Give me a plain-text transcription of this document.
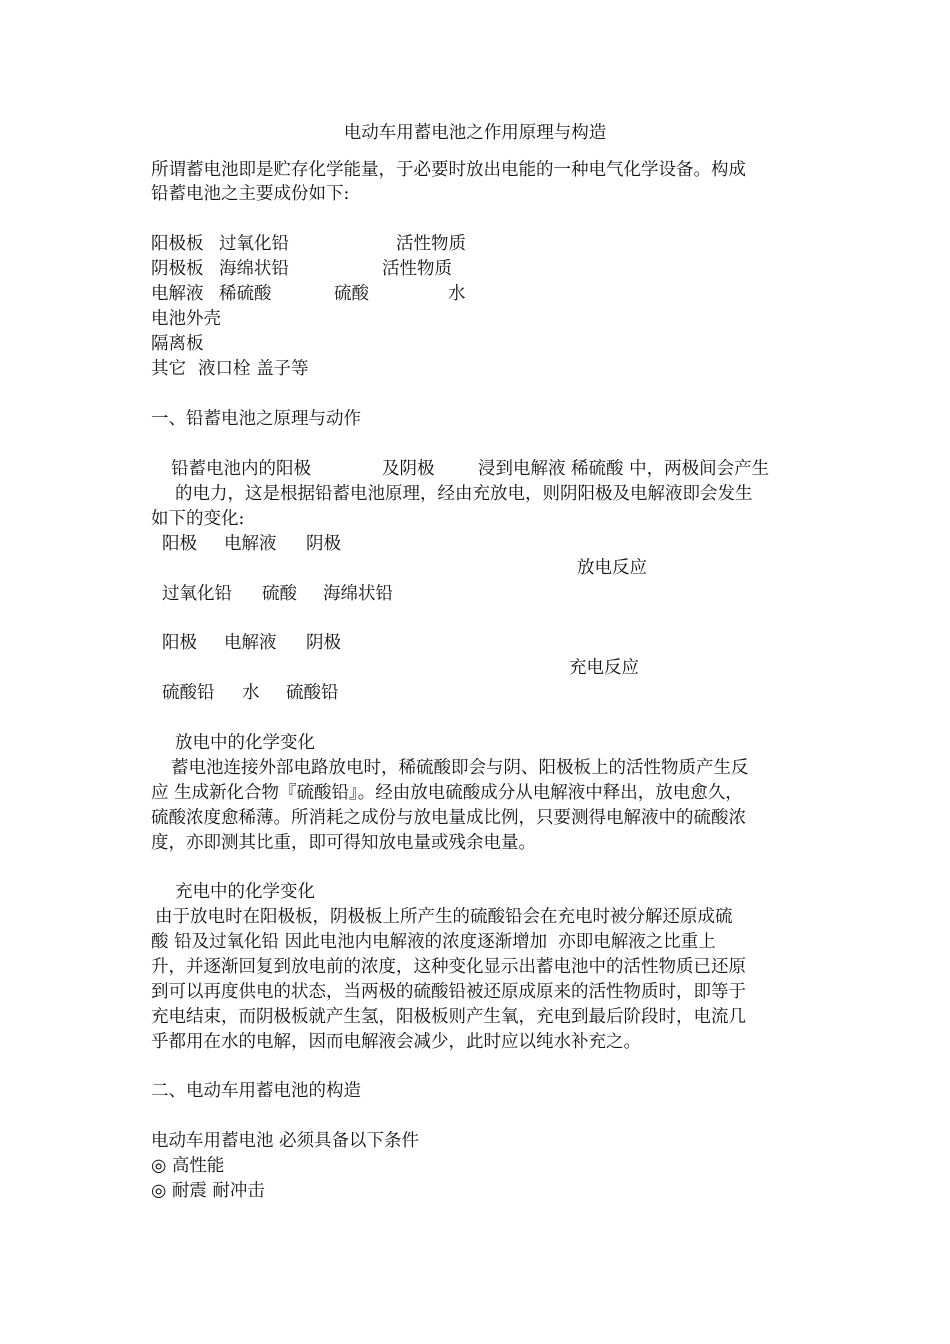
电动车用蓄电池之作用原理与构造
所谓蓄电池即是贮存化学能量，于必要时放出电能的一种电气化学设备。构成
铅蓄电池之主要成份如下:
阳极板 过氧化铅	活性物质
阴极板 海绵状铅	活性物质
电解液 稀硫酸	硫酸	水
电池外壳
隔离板
其它 液口栓 盖子等
一、铅蓄电池之原理与动作
铅蓄电池内的阳极	及阴极 浸到电解液 稀硫酸 中，两极间会产生
的电力，这是根据铅蓄电池原理，经由充放电，则阴阳极及电解液即会发生
如下的变化:
阳极 电解液 阴极
放电反应
过氧化铅 硫酸 海绵状铅
阳极 电解液 阴极
充电反应
硫酸铅 水 硫酸铅
放电中的化学变化
蓄电池连接外部电路放电时，稀硫酸即会与阴、阳极板上的活性物质产生反
应 生成新化合物『硫酸铅』。经由放电硫酸成分从电解液中释出，放电愈久，
硫酸浓度愈稀薄。所消耗之成份与放电量成比例，只要测得电解液中的硫酸浓
度，亦即测其比重，即可得知放电量或残余电量。
充电中的化学变化
由于放电时在阳极板，阴极板上所产生的硫酸铅会在充电时被分解还原成硫
酸 铅及过氧化铅 因此电池内电解液的浓度逐渐增加  亦即电解液之比重上
升，并逐渐回复到放电前的浓度，这种变化显示出蓄电池中的活性物质已还原
到可以再度供电的状态，当两极的硫酸铅被还原成原来的活性物质时，即等于
充电结束，而阴极板就产生氢，阳极板则产生氧，充电到最后阶段时，电流几
乎都用在水的电解，因而电解液会减少，此时应以纯水补充之。
二、电动车用蓄电池的构造
电动车用蓄电池 必须具备以下条件
◎ 高性能
◎ 耐震 耐冲击
